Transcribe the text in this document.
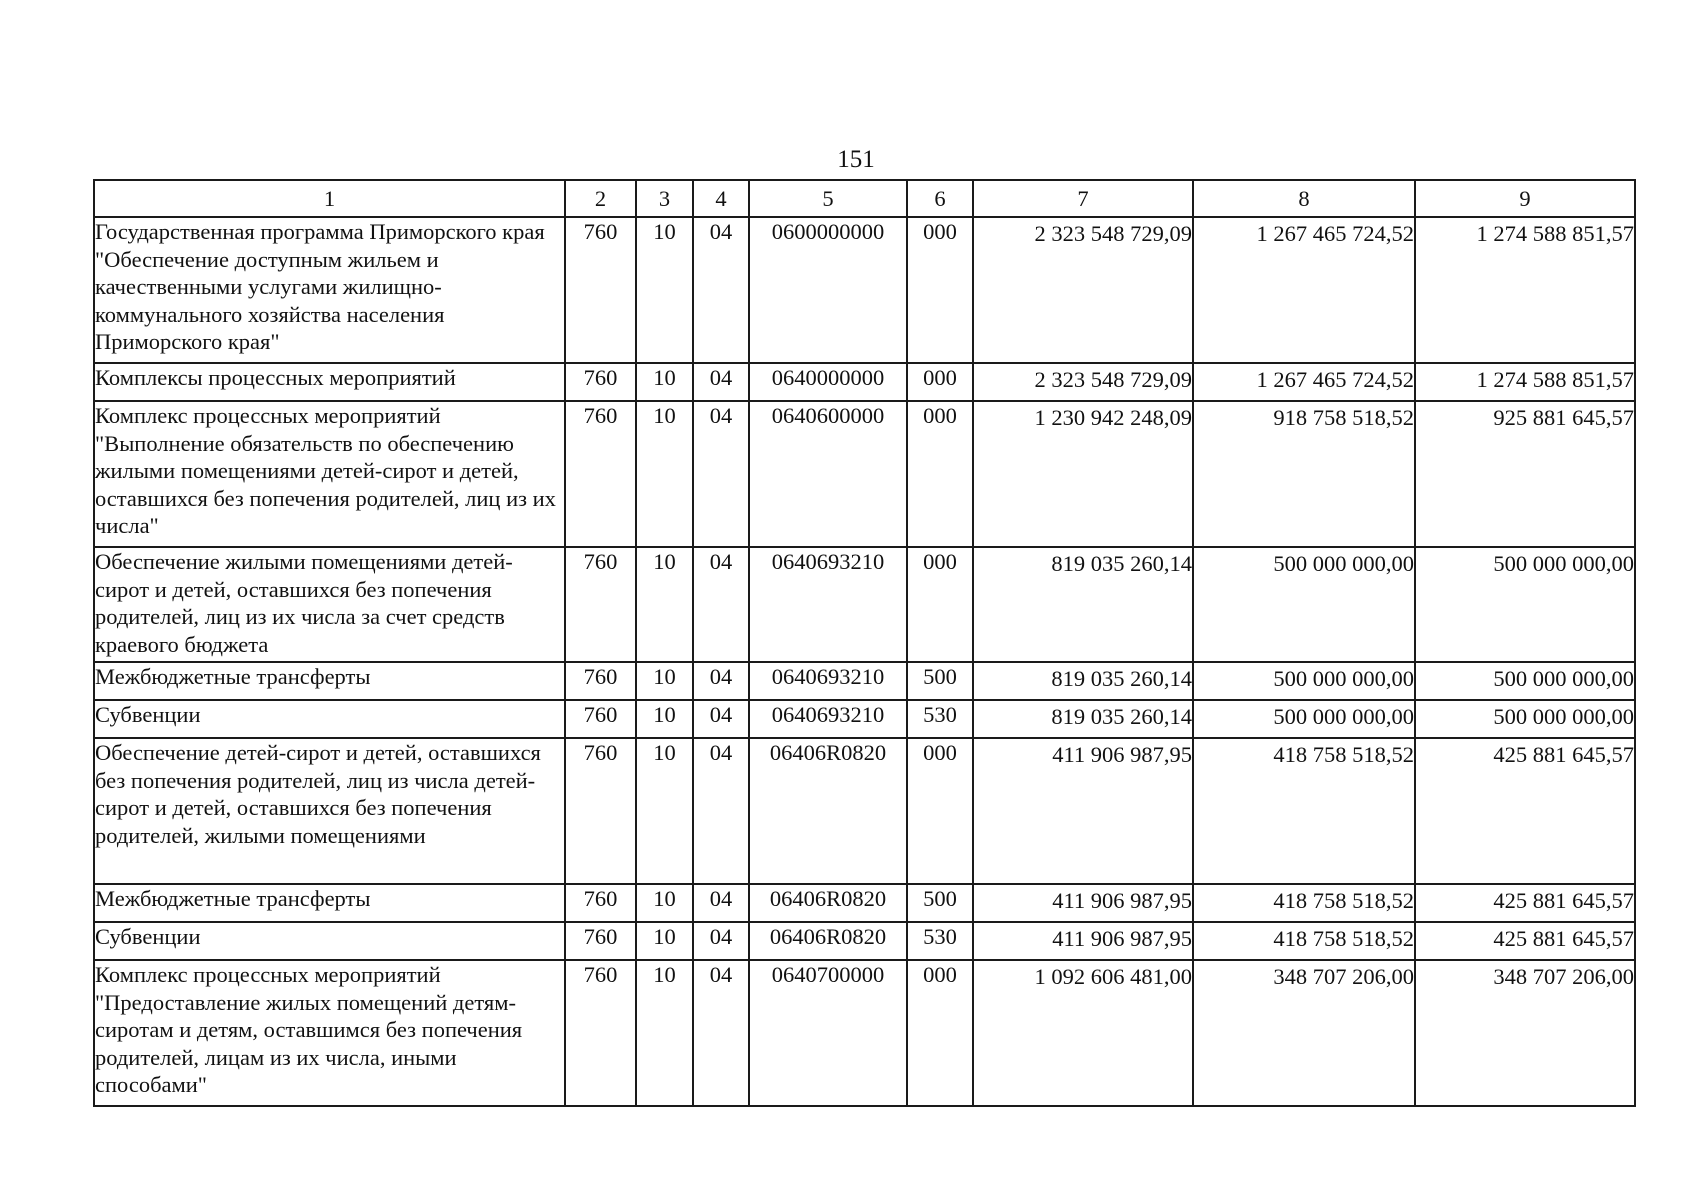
151
1	2	3	4	5	6	7	8	9
Государственная программа Приморского края "Обеспечение доступным жильем и качественными услугами жилищно-коммунального хозяйства населения Приморского края"	760	10	04	0600000000	000	2 323 548 729,09	1 267 465 724,52	1 274 588 851,57
Комплексы процессных мероприятий	760	10	04	0640000000	000	2 323 548 729,09	1 267 465 724,52	1 274 588 851,57
Комплекс процессных мероприятий "Выполнение обязательств по обеспечению жилыми помещениями детей-сирот и детей, оставшихся без попечения родителей, лиц из их числа"	760	10	04	0640600000	000	1 230 942 248,09	918 758 518,52	925 881 645,57
Обеспечение жилыми помещениями детей-сирот и детей, оставшихся без попечения родителей, лиц из их числа за счет средств краевого бюджета	760	10	04	0640693210	000	819 035 260,14	500 000 000,00	500 000 000,00
Межбюджетные трансферты	760	10	04	0640693210	500	819 035 260,14	500 000 000,00	500 000 000,00
Субвенции	760	10	04	0640693210	530	819 035 260,14	500 000 000,00	500 000 000,00
Обеспечение детей-сирот и детей, оставшихся без попечения родителей, лиц из числа детей-сирот и детей, оставшихся без попечения родителей, жилыми помещениями	760	10	04	06406R0820	000	411 906 987,95	418 758 518,52	425 881 645,57
Межбюджетные трансферты	760	10	04	06406R0820	500	411 906 987,95	418 758 518,52	425 881 645,57
Субвенции	760	10	04	06406R0820	530	411 906 987,95	418 758 518,52	425 881 645,57
Комплекс процессных мероприятий "Предоставление жилых помещений детям-сиротам и детям, оставшимся без попечения родителей, лицам из их числа, иными способами"	760	10	04	0640700000	000	1 092 606 481,00	348 707 206,00	348 707 206,00
